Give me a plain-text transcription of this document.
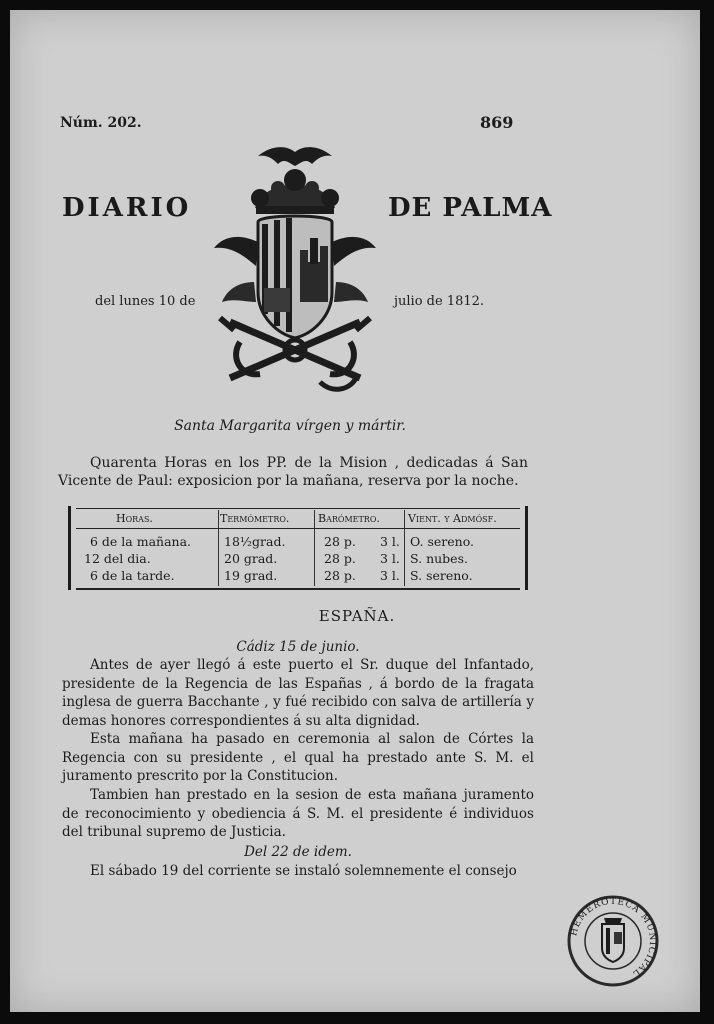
Núm. 202.	869
DIARIO	DE PALMA
del lunes 10 de	julio de 1812.
Santa Margarita vírgen y mártir.
Quarenta Horas en los PP. de la Mision , dedicadas á San Vicente de Paul: exposicion por la mañana, reserva por la noche.
Horas.	Termómetro.	Barómetro.	Vient. y Admósf.
6 de la mañana.	18½grad.	28 p. 3 l. O. sereno.
12 del dia.	20 grad.	28 p. 3 l. S. nubes.
6 de la tarde.	19 grad.	28 p. 3 l. S. sereno.
ESPAÑA.
Cádiz 15 de junio.
Antes de ayer llegó á este puerto el Sr. duque del Infantado, presidente de la Regencia de las Españas , á bordo de la fragata inglesa de guerra Bacchante , y fué recibido con salva de artillería y demas honores correspondientes á su alta dignidad.
Esta mañana ha pasado en ceremonia al salon de Córtes la Regencia con su presidente , el qual ha prestado ante S. M. el juramento prescrito por la Constitucion.
Tambien han prestado en la sesion de esta mañana juramento de reconocimiento y obediencia á S. M. el presidente é individuos del tribunal supremo de Justicia.
Del 22 de idem.
El sábado 19 del corriente se instaló solemnemente el consejo
HEMEROTECA MUNICIPAL
